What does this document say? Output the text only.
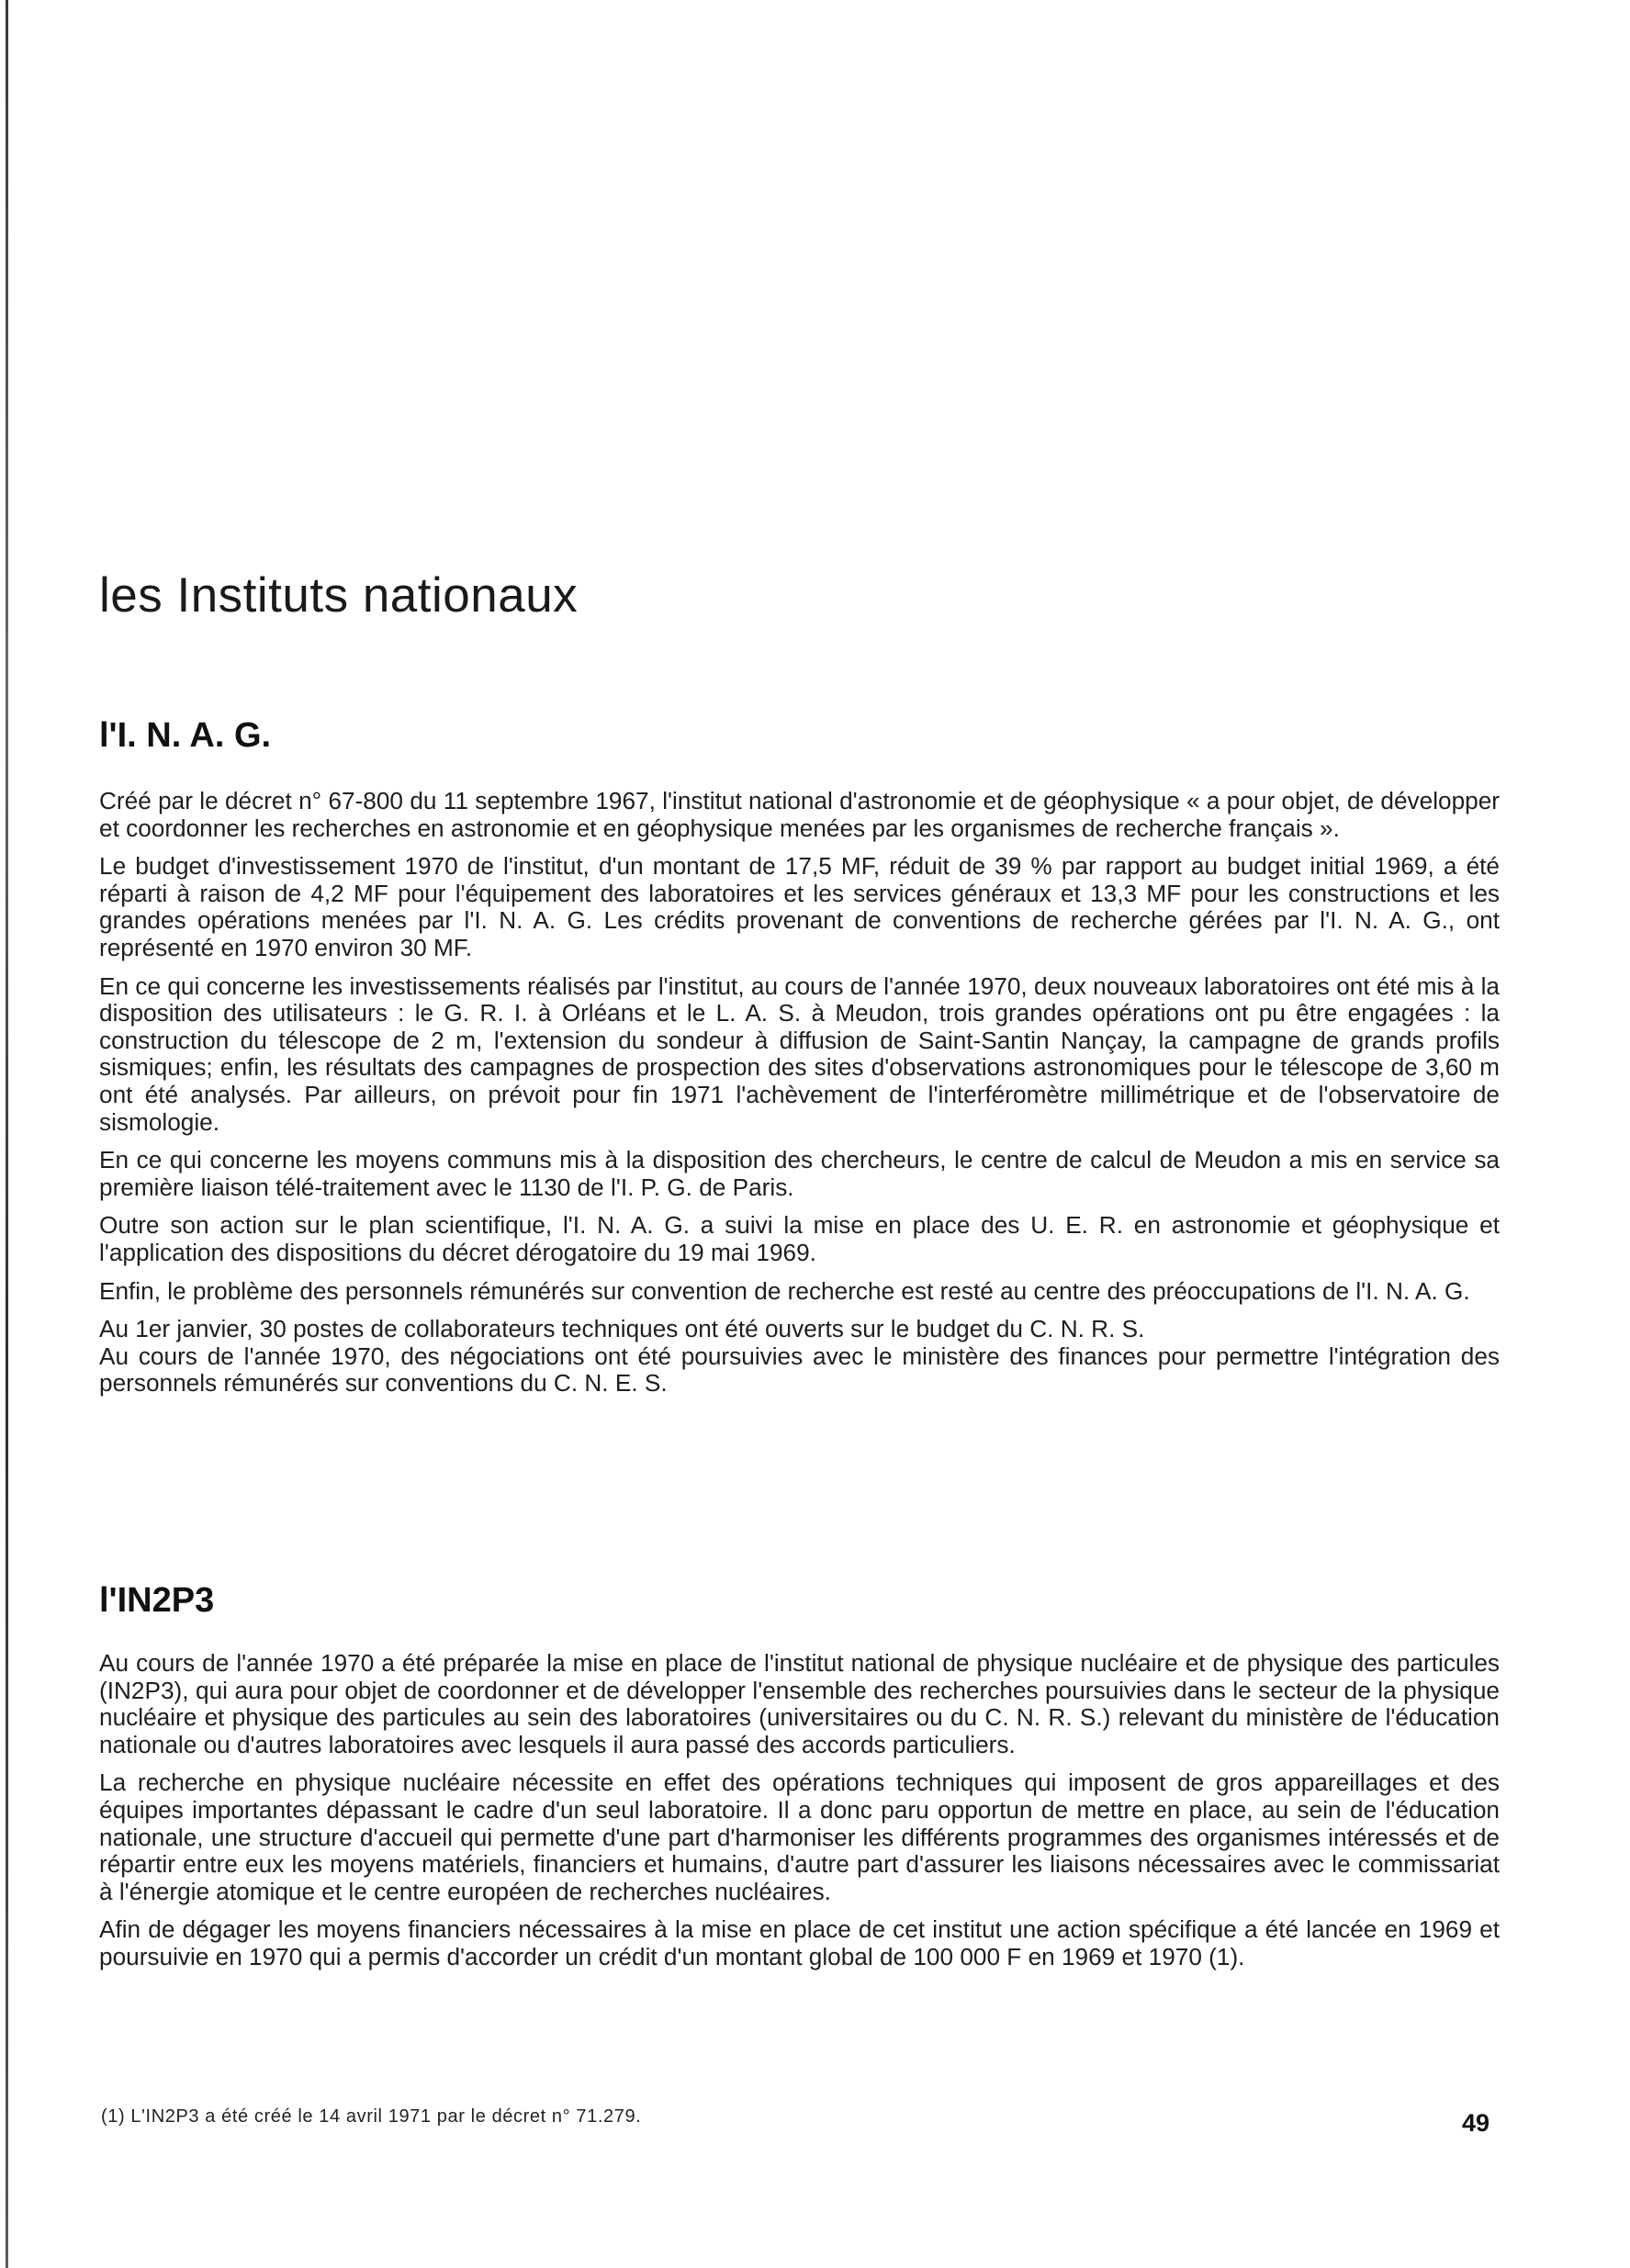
les Instituts nationaux
l'I. N. A. G.

Créé par le décret n° 67-800 du 11 septembre 1967, l'institut national d'astronomie et de géophysique « a pour objet, de développer et coordonner les recherches en astronomie et en géophysique menées par les organismes de recherche français ».

Le budget d'investissement 1970 de l'institut, d'un montant de 17,5 MF, réduit de 39 % par rapport au budget initial 1969, a été réparti à raison de 4,2 MF pour l'équipement des laboratoires et les services généraux et 13,3 MF pour les constructions et les grandes opérations menées par l'I. N. A. G. Les crédits provenant de conventions de recherche gérées par l'I. N. A. G., ont représenté en 1970 environ 30 MF.

En ce qui concerne les investissements réalisés par l'institut, au cours de l'année 1970, deux nouveaux laboratoires ont été mis à la disposition des utilisateurs : le G. R. I. à Orléans et le L. A. S. à Meudon, trois grandes opérations ont pu être engagées : la construction du télescope de 2 m, l'extension du sondeur à diffusion de Saint-Santin Nançay, la campagne de grands profils sismiques; enfin, les résultats des campagnes de prospection des sites d'observations astronomiques pour le télescope de 3,60 m ont été analysés. Par ailleurs, on prévoit pour fin 1971 l'achèvement de l'interféromètre millimétrique et de l'observatoire de sismologie.

En ce qui concerne les moyens communs mis à la disposition des chercheurs, le centre de calcul de Meudon a mis en service sa première liaison télé-traitement avec le 1130 de l'I. P. G. de Paris.

Outre son action sur le plan scientifique, l'I. N. A. G. a suivi la mise en place des U. E. R. en astronomie et géophysique et l'application des dispositions du décret dérogatoire du 19 mai 1969.

Enfin, le problème des personnels rémunérés sur convention de recherche est resté au centre des préoccupations de l'I. N. A. G.

Au 1er janvier, 30 postes de collaborateurs techniques ont été ouverts sur le budget du C. N. R. S.

Au cours de l'année 1970, des négociations ont été poursuivies avec le ministère des finances pour permettre l'intégration des personnels rémunérés sur conventions du C. N. E. S.

l'IN2P3

Au cours de l'année 1970 a été préparée la mise en place de l'institut national de physique nucléaire et de physique des particules (IN2P3), qui aura pour objet de coordonner et de développer l'ensemble des recherches poursuivies dans le secteur de la physique nucléaire et physique des particules au sein des laboratoires (universitaires ou du C. N. R. S.) relevant du ministère de l'éducation nationale ou d'autres laboratoires avec lesquels il aura passé des accords particuliers.

La recherche en physique nucléaire nécessite en effet des opérations techniques qui imposent de gros appareillages et des équipes importantes dépassant le cadre d'un seul laboratoire. Il a donc paru opportun de mettre en place, au sein de l'éducation nationale, une structure d'accueil qui permette d'une part d'harmoniser les différents programmes des organismes intéressés et de répartir entre eux les moyens matériels, financiers et humains, d'autre part d'assurer les liaisons nécessaires avec le commissariat à l'énergie atomique et le centre européen de recherches nucléaires.

Afin de dégager les moyens financiers nécessaires à la mise en place de cet institut une action spécifique a été lancée en 1969 et poursuivie en 1970 qui a permis d'accorder un crédit d'un montant global de 100 000 F en 1969 et 1970 (1).

(1) L'IN2P3 a été créé le 14 avril 1971 par le décret n° 71.279.	49
